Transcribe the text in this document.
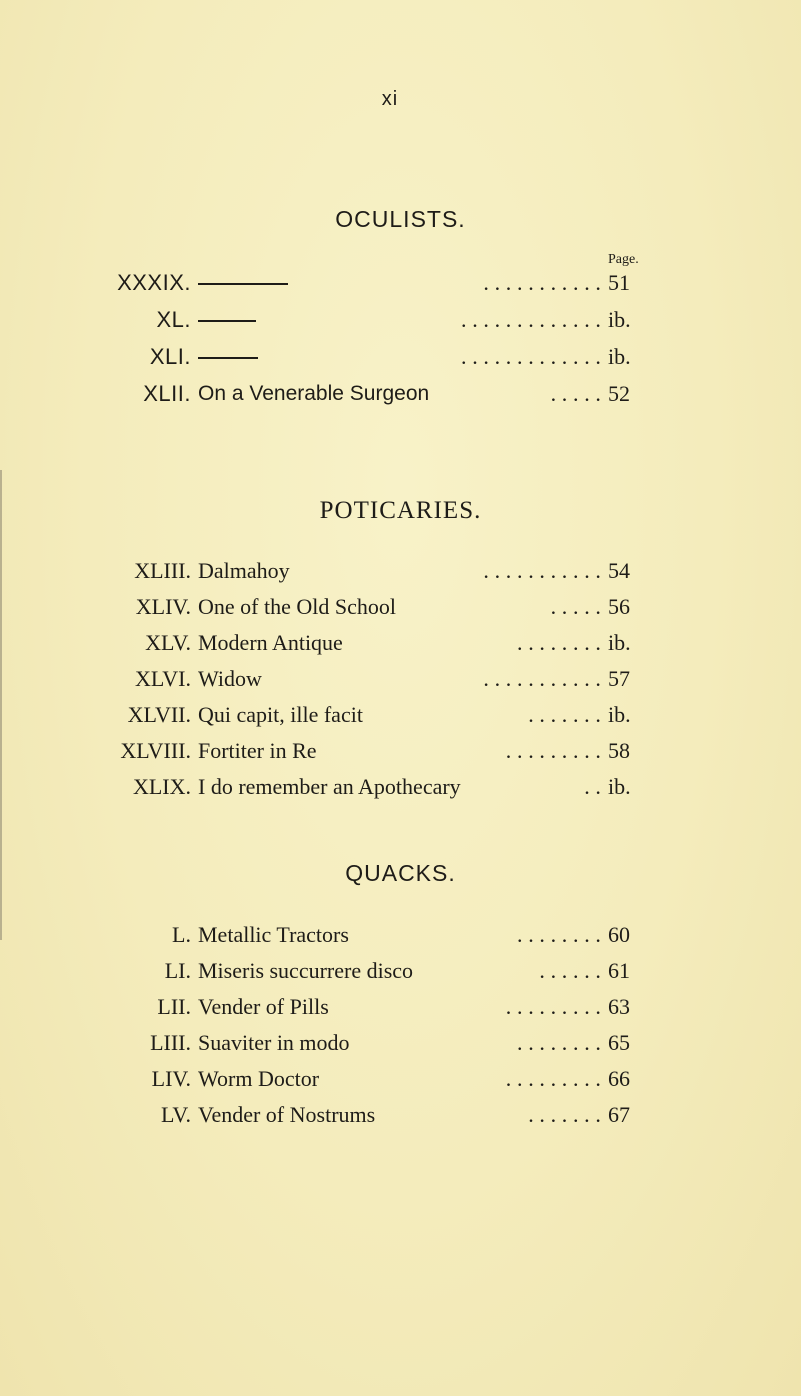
xi
OCULISTS.
Page.
XXXIX.	. . . . . . . . . . . 51
XL.	. . . . . . . . . . . . . ib.
XLI.	. . . . . . . . . . . . . ib.
XLII. On a Venerable Surgeon	. . . . . 52
POTICARIES.
XLIII. Dalmahoy	. . . . . . . . . . . 54
XLIV. One of the Old School	. . . . . 56
XLV. Modern Antique	. . . . . . . . ib.
XLVI. Widow	. . . . . . . . . . . 57
XLVII. Qui capit, ille facit	. . . . . . . ib.
XLVIII. Fortiter in Re	. . . . . . . . . 58
XLIX. I do remember an Apothecary	. . ib.
QUACKS.
L. Metallic Tractors	. . . . . . . . 60
LI. Miseris succurrere disco	. . . . . . 61
LII. Vender of Pills	. . . . . . . . . 63
LIII. Suaviter in modo	. . . . . . . . 65
LIV. Worm Doctor	. . . . . . . . . 66
LV. Vender of Nostrums	. . . . . . . 67
